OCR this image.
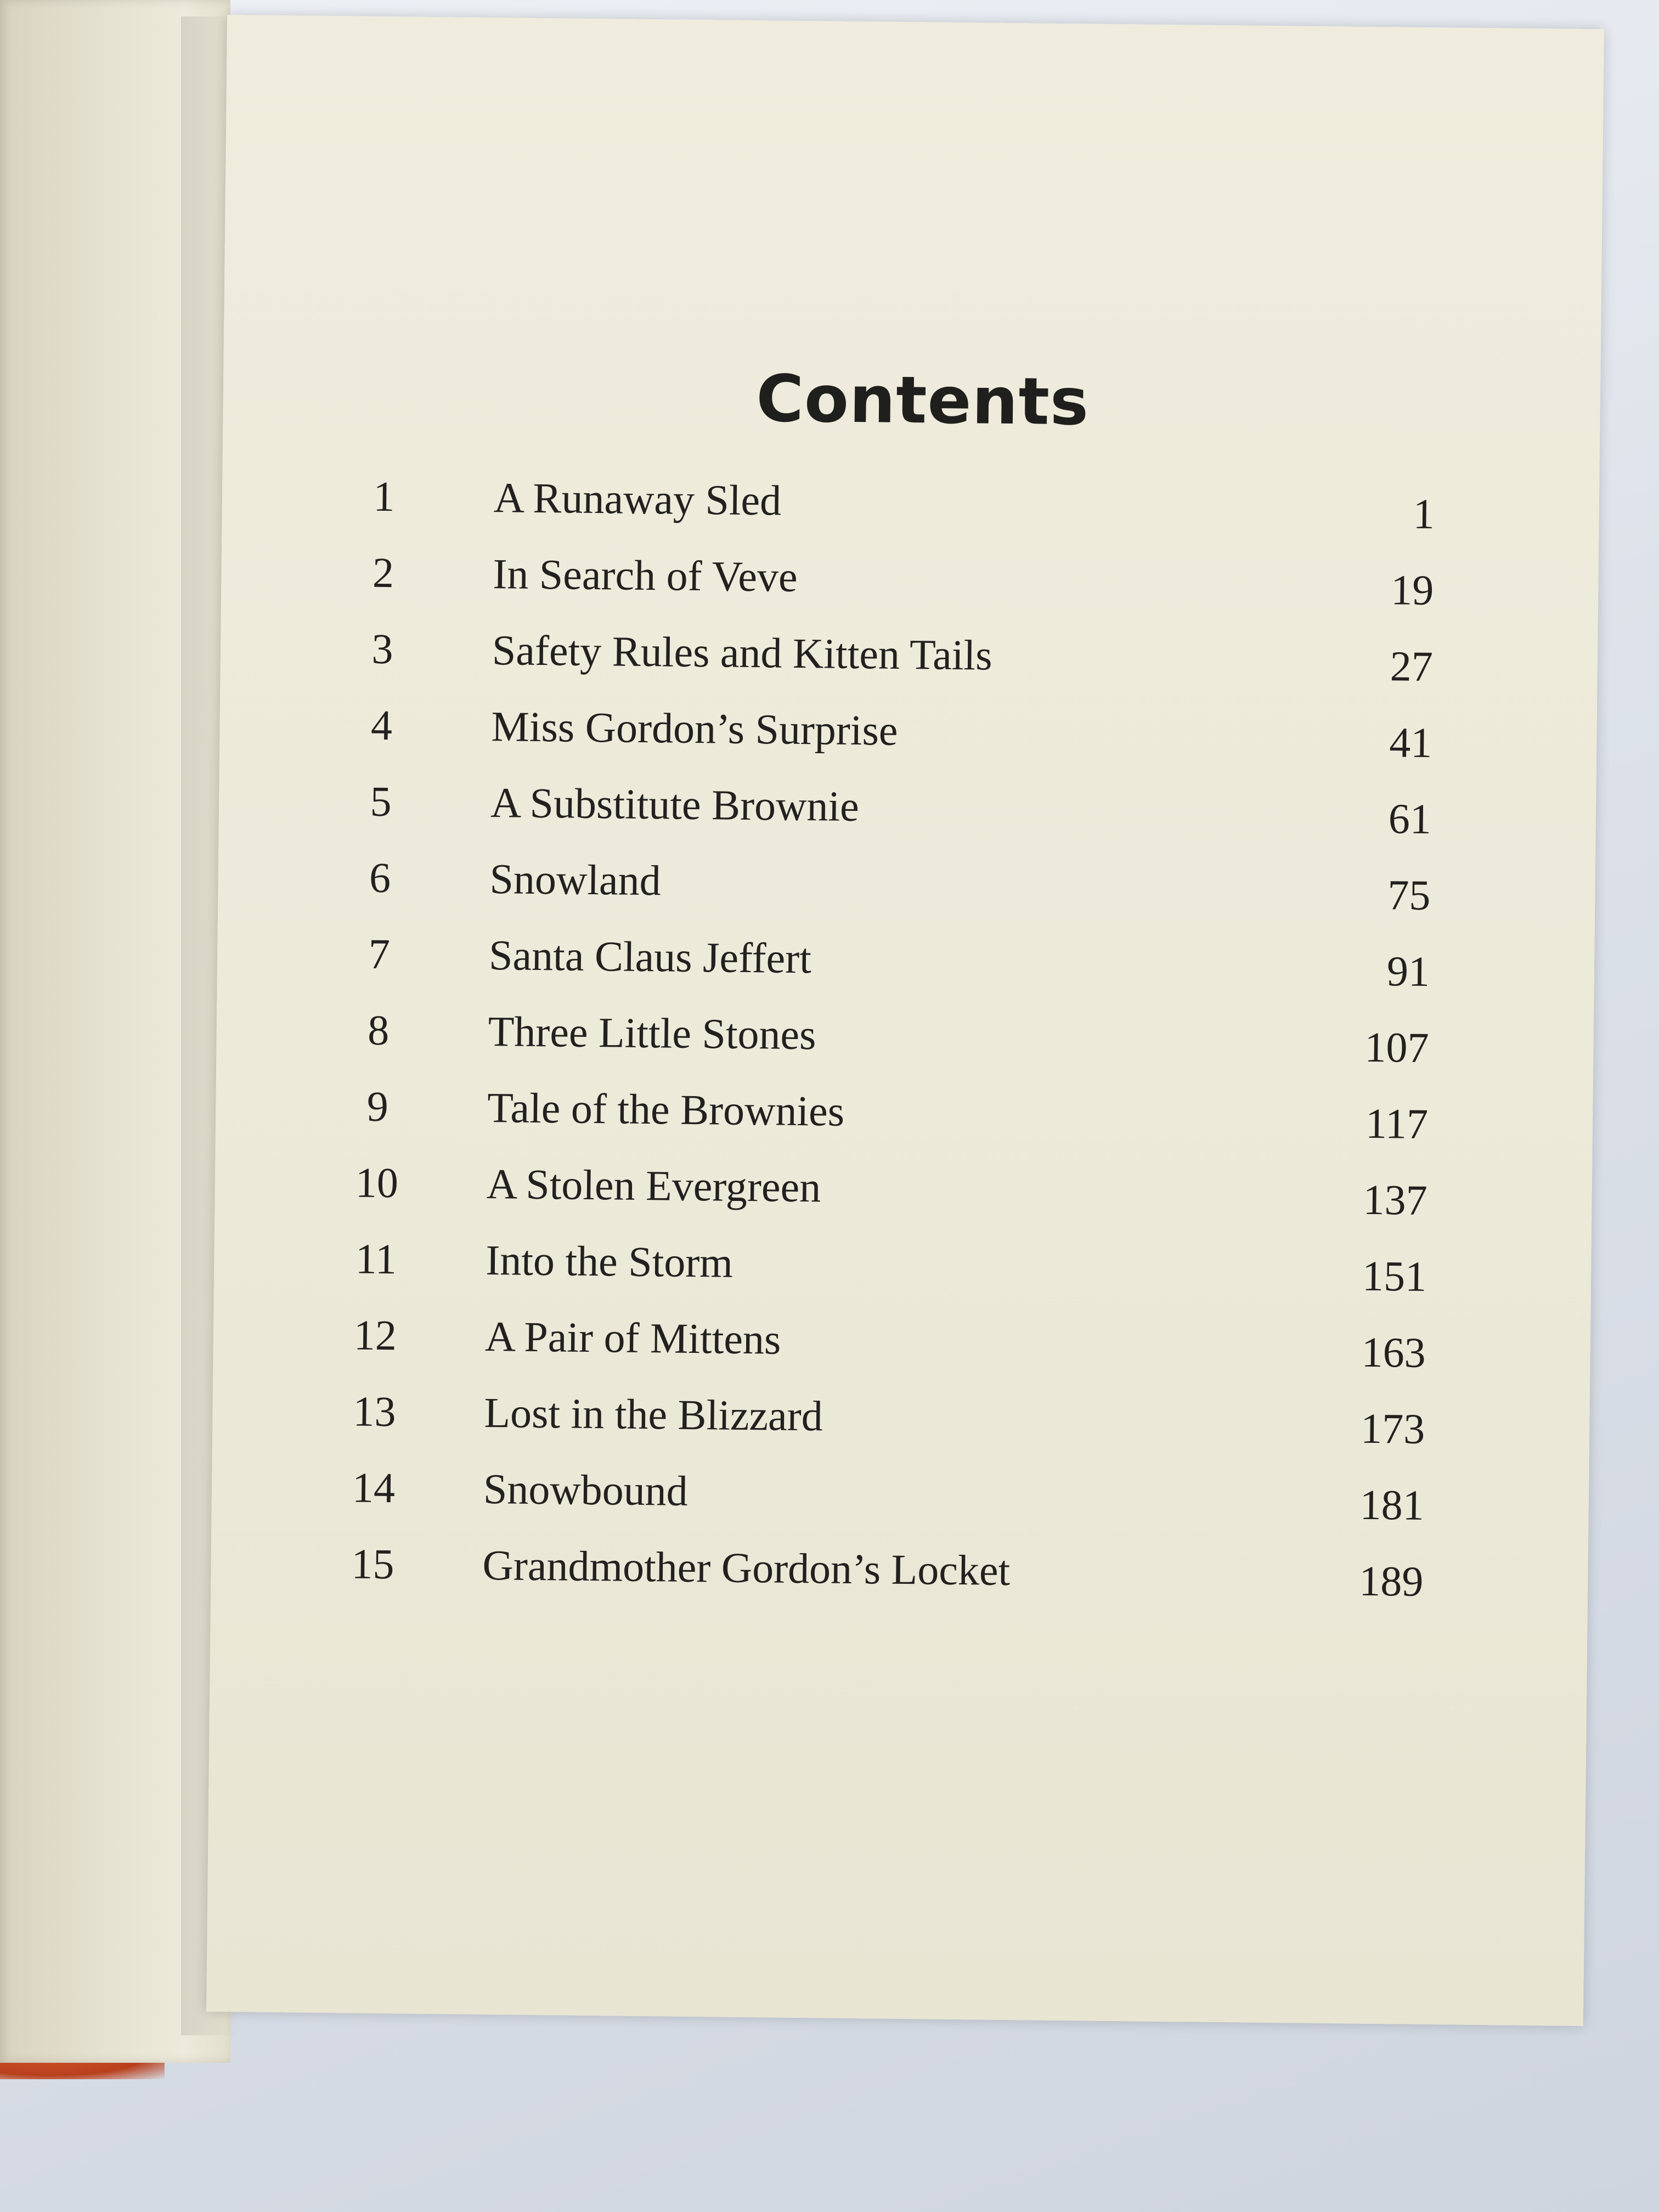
Contents
1	A Runaway Sled	1
2	In Search of Veve	19
3	Safety Rules and Kitten Tails	27
4	Miss Gordon’s Surprise	41
5	A Substitute Brownie	61
6	Snowland	75
7	Santa Claus Jeffert	91
8	Three Little Stones	107
9	Tale of the Brownies	117
10	A Stolen Evergreen	137
11	Into the Storm	151
12	A Pair of Mittens	163
13	Lost in the Blizzard	173
14	Snowbound	181
15	Grandmother Gordon’s Locket	189
